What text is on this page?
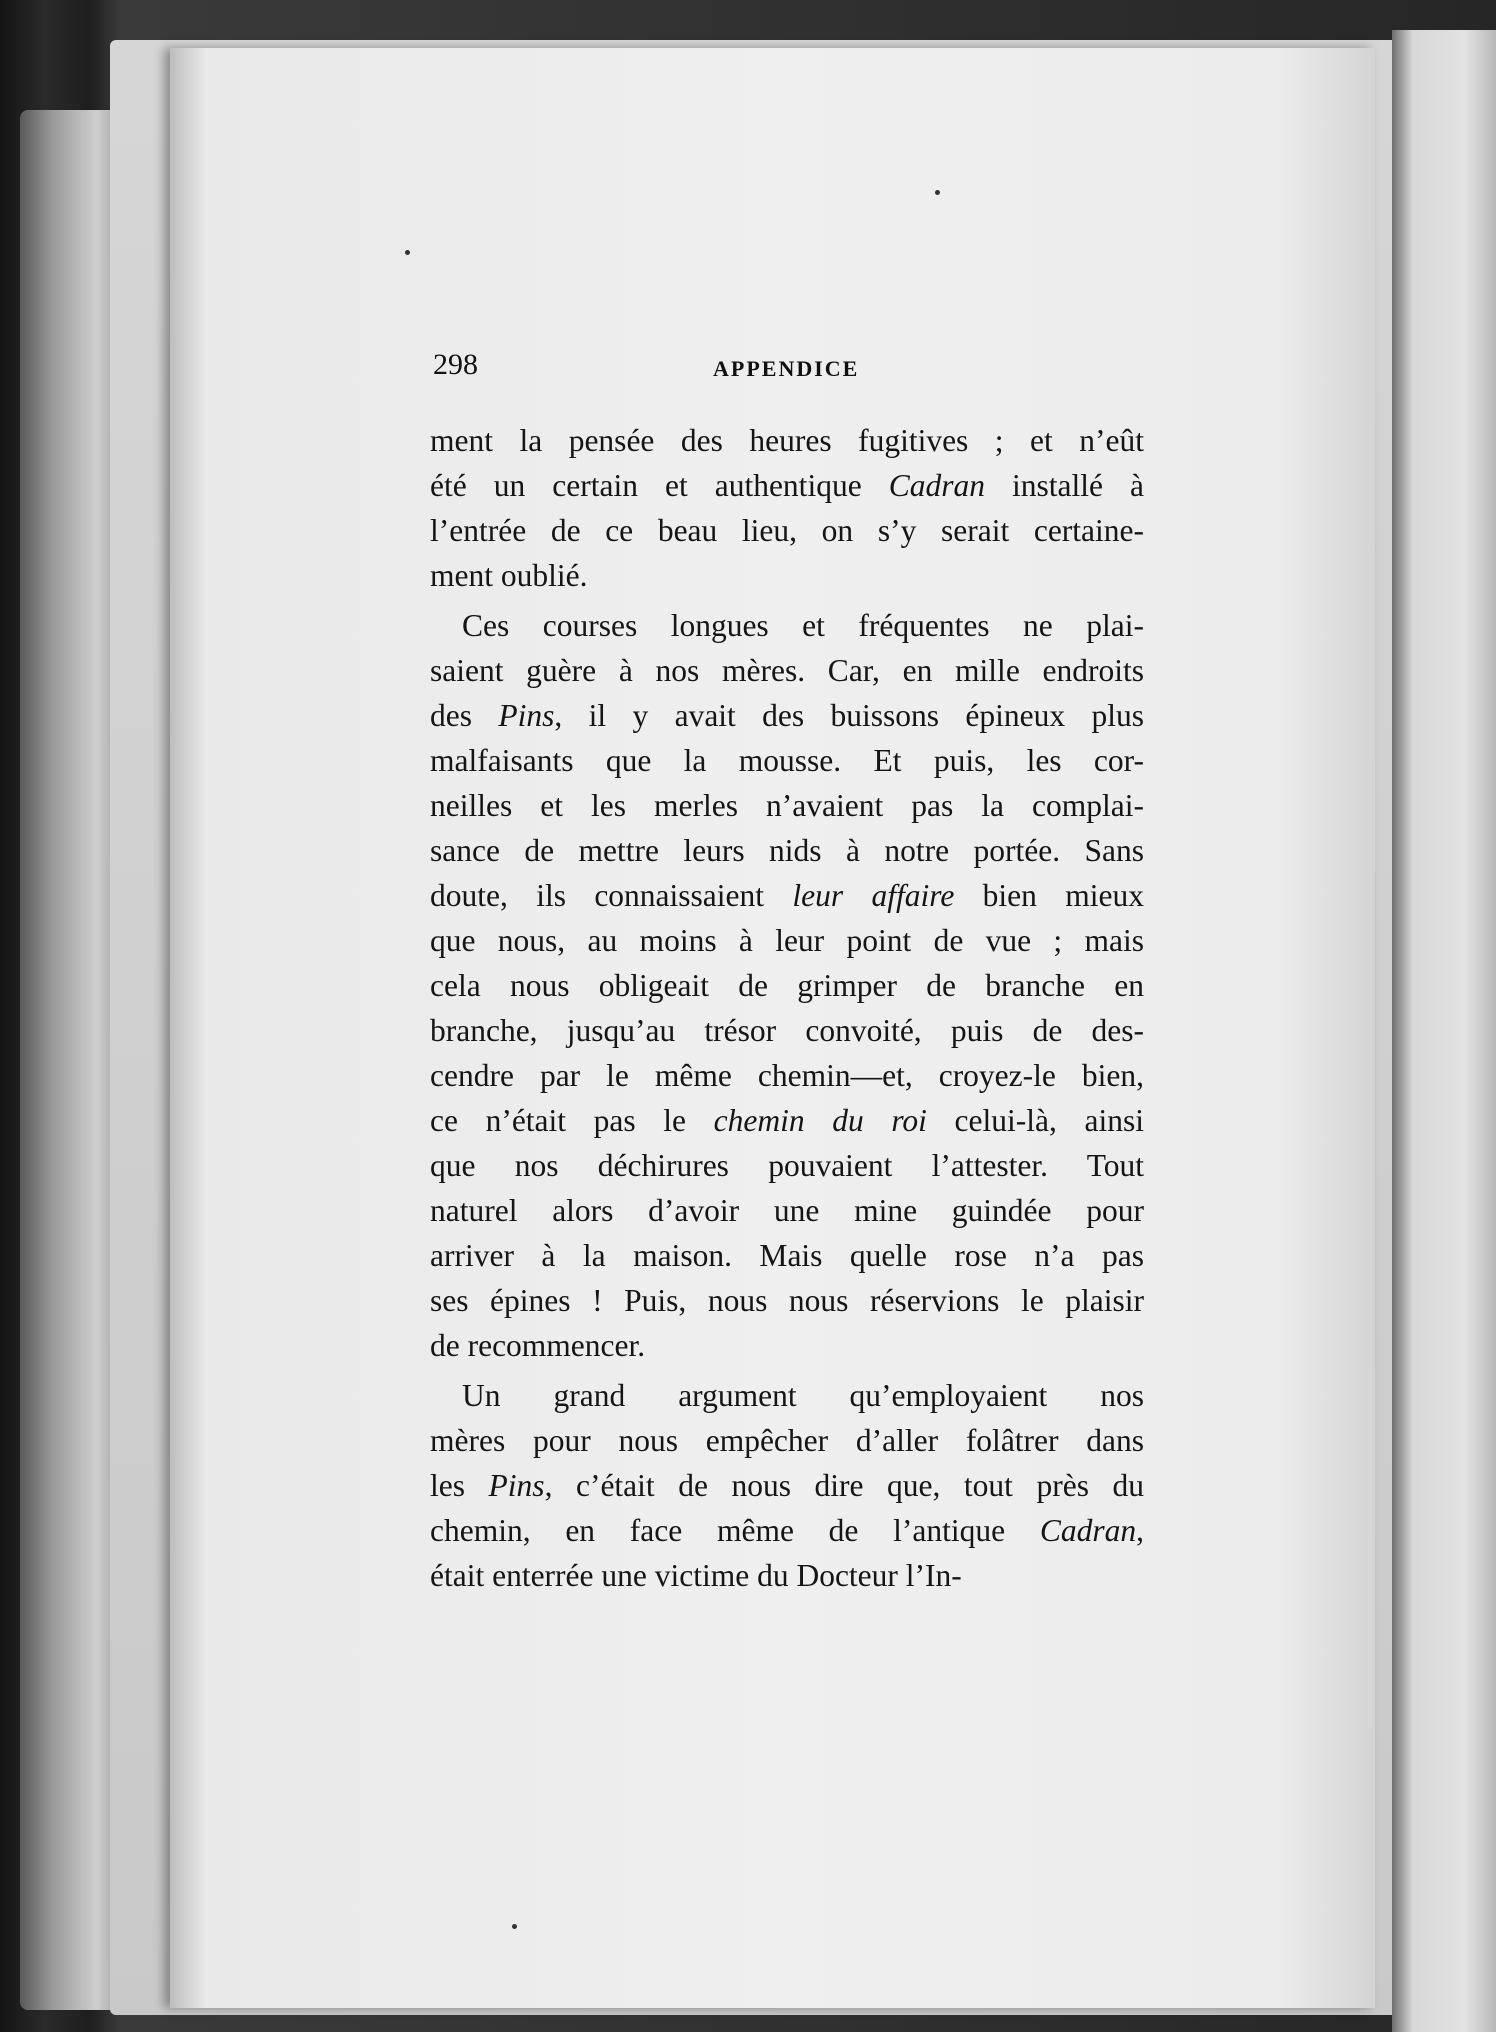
298	APPENDICE
ment la pensée des heures fugitives ; et n’eût
été un certain et authentique Cadran installé à
l’entrée de ce beau lieu, on s’y serait certaine-
ment oublié.
Ces courses longues et fréquentes ne plai-
saient guère à nos mères. Car, en mille endroits
des Pins, il y avait des buissons épineux plus
malfaisants que la mousse. Et puis, les cor-
neilles et les merles n’avaient pas la complai-
sance de mettre leurs nids à notre portée. Sans
doute, ils connaissaient leur affaire bien mieux
que nous, au moins à leur point de vue ; mais
cela nous obligeait de grimper de branche en
branche, jusqu’au trésor convoité, puis de des-
cendre par le même chemin—et, croyez-le bien,
ce n’était pas le chemin du roi celui-là, ainsi
que nos déchirures pouvaient l’attester. Tout
naturel alors d’avoir une mine guindée pour
arriver à la maison. Mais quelle rose n’a pas
ses épines ! Puis, nous nous réservions le plaisir
de recommencer.
Un grand argument qu’employaient nos
mères pour nous empêcher d’aller folâtrer dans
les Pins, c’était de nous dire que, tout près du
chemin, en face même de l’antique Cadran,
était enterrée une victime du Docteur l’In-
